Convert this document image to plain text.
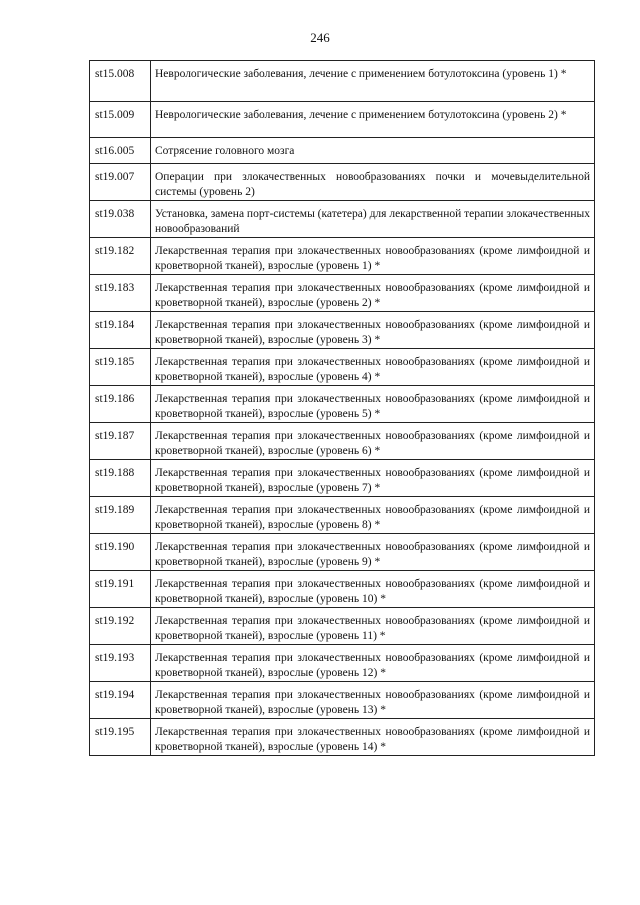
246
st15.008	Неврологические заболевания, лечение с применением ботулотоксина (уровень 1) *
st15.009	Неврологические заболевания, лечение с применением ботулотоксина (уровень 2) *
st16.005	Сотрясение головного мозга
st19.007	Операции при злокачественных новообразованиях почки и мочевыделительной системы (уровень 2)
st19.038	Установка, замена порт-системы (катетера) для лекарственной терапии злокачественных новообразований
st19.182	Лекарственная терапия при злокачественных новообразованиях (кроме лимфоидной и кроветворной тканей), взрослые (уровень 1) *
st19.183	Лекарственная терапия при злокачественных новообразованиях (кроме лимфоидной и кроветворной тканей), взрослые (уровень 2) *
st19.184	Лекарственная терапия при злокачественных новообразованиях (кроме лимфоидной и кроветворной тканей), взрослые (уровень 3) *
st19.185	Лекарственная терапия при злокачественных новообразованиях (кроме лимфоидной и кроветворной тканей), взрослые (уровень 4) *
st19.186	Лекарственная терапия при злокачественных новообразованиях (кроме лимфоидной и кроветворной тканей), взрослые (уровень 5) *
st19.187	Лекарственная терапия при злокачественных новообразованиях (кроме лимфоидной и кроветворной тканей), взрослые (уровень 6) *
st19.188	Лекарственная терапия при злокачественных новообразованиях (кроме лимфоидной и кроветворной тканей), взрослые (уровень 7) *
st19.189	Лекарственная терапия при злокачественных новообразованиях (кроме лимфоидной и кроветворной тканей), взрослые (уровень 8) *
st19.190	Лекарственная терапия при злокачественных новообразованиях (кроме лимфоидной и кроветворной тканей), взрослые (уровень 9) *
st19.191	Лекарственная терапия при злокачественных новообразованиях (кроме лимфоидной и кроветворной тканей), взрослые (уровень 10) *
st19.192	Лекарственная терапия при злокачественных новообразованиях (кроме лимфоидной и кроветворной тканей), взрослые (уровень 11) *
st19.193	Лекарственная терапия при злокачественных новообразованиях (кроме лимфоидной и кроветворной тканей), взрослые (уровень 12) *
st19.194	Лекарственная терапия при злокачественных новообразованиях (кроме лимфоидной и кроветворной тканей), взрослые (уровень 13) *
st19.195	Лекарственная терапия при злокачественных новообразованиях (кроме лимфоидной и кроветворной тканей), взрослые (уровень 14) *
